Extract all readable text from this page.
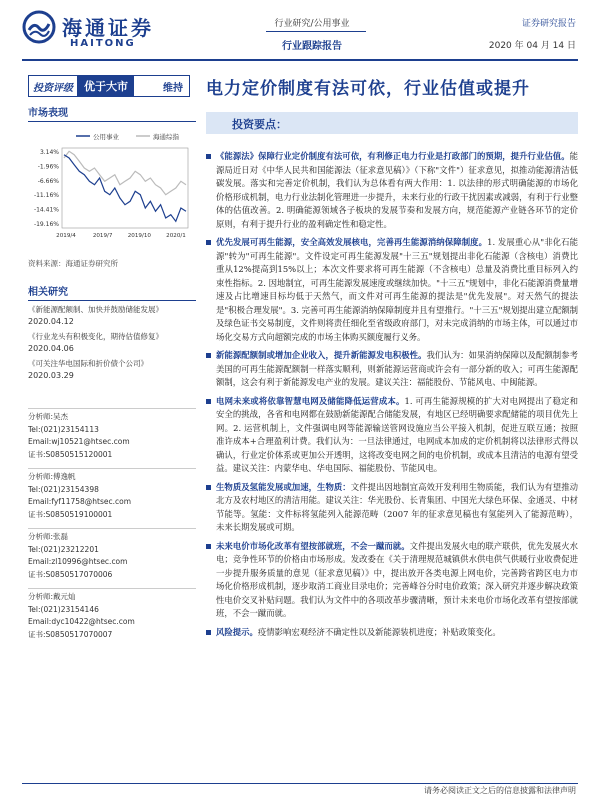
海通证券
HAITONG
行业研究/公用事业
行业跟踪报告
证券研究报告
2020 年 04 月 14 日
投资评级	优于大市	维持	电力定价制度有法可依，行业估值或提升
市场表现
公用事业	海通综指
3.14%
-1.96%
-6.66%
-11.16%
-14.41%
-19.16%
2019/4	2019/7	2019/10	2020/1
资料来源：海通证券研究所
相关研究
《新能源配额制、加快并鼓励储能发展》
2020.04.12
《行业龙头有积极变化，期待估值修复》
2020.04.06
《可关注华电国际和折价债个公司》
2020.03.29
分析师:吴杰
Tel:(021)23154113
Email:wj10521@htsec.com
证书:S0850515120001
分析师:傅逸帆
Tel:(021)23154398
Email:fyf11758@htsec.com
证书:S0850519100001
分析师:张磊
Tel:(021)23212201
Email:zl10996@htsec.com
证书:S0850517070006
分析师:戴元灿
Tel:(021)23154146
Email:dyc10422@htsec.com
证书:S0850517070007
投资要点：
《能源法》保障行业定价制度有法可依，有利修正电力行业是打政部门的预期，提升行业估值。能源局近日对《中华人民共和国能源法（征求意见稿）》（下称"文件"）征求意见，拟推动能源清洁低碳发展。落实和完善定价机制，我们认为总体看有两大作用：1. 以法律的形式明确能源的市场化价格形成机制，电力行业法制化管理进一步提升，未来行业的行政干扰因素或减弱，有利于行业整体的估值改善。2. 明确能源领域各子板块的发展节奏和发展方向，规范能源产业链各环节的定价原则，有利于提升行业的盈利确定性和稳定性。
优先发展可再生能源，安全高效发展核电，完善再生能源消纳保障制度。1. 发展重心从"非化石能源"转为"可再生能源"。文件设定可再生能源发展"十三五"规划提出非化石能源（含核电）消费比重从12%提高到15%以上；本次文件要求将可再生能源（不含核电）总量及消费比重目标列入约束性指标。2. 因地制宜，可再生能源发展速度或继续加快。"十三五"规划中，非化石能源消费量增速及占比增速目标均低于天然气，而文件对可再生能源的提法是"优先发展"。对天然气的提法是"积极合理发展"。3. 完善可再生能源消纳保障制度并且有望推行。"十三五"规划提出建立配额制及绿色证书交易制度，文件则将责任细化至省级政府部门，对未完成消纳的市场主体，可以通过市场化交易方式向超额完成的市场主体购买额度履行义务。
新能源配额制或增加企业收入，提升新能源发电积极性。我们认为：如果消纳保障以及配额制参考美国的可再生能源配额制一样落实顺利，则新能源运营商或许会有一部分新的收入；可再生能源配额制，这会有利于新能源发电产业的发展。建议关注：福能股份、节能风电、中闽能源。
电网未来或将依靠智慧电网及储能降低运营成本。1. 可再生能源规模的扩大对电网提出了稳定和安全的挑战，各省和电网都在鼓励新能源配合储能发展，有地区已经明确要求配储能的项目优先上网。2. 运营机制上，文件强调电网等能源输送管网设施应当公平接入机制，促进互联互通；按照准许成本+合理盈利计费。我们认为：一旦法律通过，电网成本加成的定价机制将以法律形式得以确认，行业定价体系或更加公开透明，这将改变电网之间的电价机制，或成本且清洁的电源有望受益。建议关注：内蒙华电、华电国际、福能股份、节能风电。
生物质及氢能发展或加速，生物质：文件提出因地制宜高效开发利用生物质能，我们认为有望推动北方及农村地区的清洁用能。建议关注：华光股份、长青集团、中国光大绿色环保、金通灵、中材节能等。氢能：文件标将氢能列入能源范畴（2007 年的征求意见稿也有氢能列入了能源范畴），未来长期发展或可期。
未来电价市场化改革有望按部就班，不会一蹴而就。文件提出发展火电的联产联供，优先发展火水电；竞争性环节的价格由市场形成。发改委在《关于清理规范城镇供水供电供气供暖行业收费促进一步提升服务质量的意见（征求意见稿）》中，提出放开各类电源上网电价，完善跨省跨区电力市场化价格形成机制，逐步取消工商业目录电价；完善峰谷分时电价政策；深入研究并逐步解决政策性电价交叉补贴问题。我们认为文件中的各项改革步骤清晰，预计未来电价市场化改革有望按部就班，不会一蹴而就。
风险提示。疫情影响宏观经济不确定性以及新能源装机进度；补贴政策变化。
请务必阅读正文之后的信息披露和法律声明
